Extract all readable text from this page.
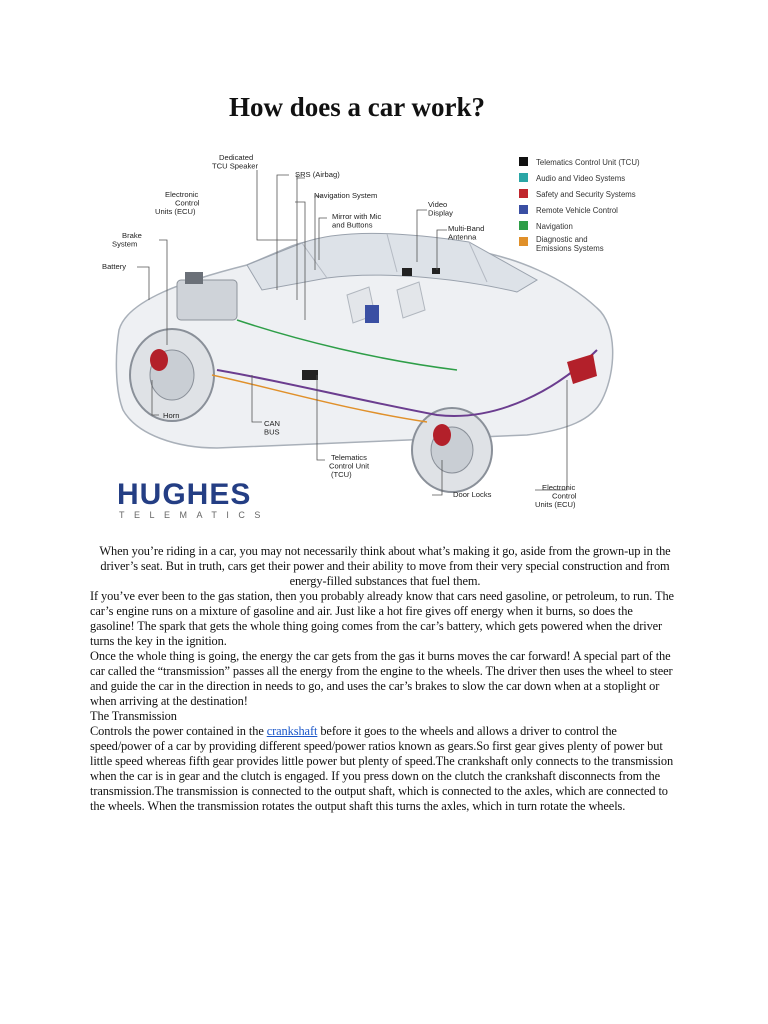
How does a car work?
Dedicated TCU Speaker
SRS (Airbag)
Navigation System
Mirror with Mic and Buttons
Video Display
Multi-Band Antenna
Electronic Control Units (ECU)
Brake System
Battery
Horn
CAN BUS
Telematics Control Unit (TCU)
Door Locks
Electronic Control Units (ECU)
Telematics Control Unit (TCU)
Audio and Video Systems
Safety and Security Systems
Remote Vehicle Control
Navigation
Diagnostic and Emissions Systems
HUGHES
TELEMATICS

When you’re riding in a car, you may not necessarily think about what’s making it go, aside from the grown-up in the driver’s seat. But in truth, cars get their power and their ability to move from their very special construction and from energy-filled substances that fuel them.

If you’ve ever been to the gas station, then you probably already know that cars need gasoline, or petroleum, to run. The car’s engine runs on a mixture of gasoline and air. Just like a hot fire gives off energy when it burns, so does the gasoline! The spark that gets the whole thing going comes from the car’s battery, which gets powered when the driver turns the key in the ignition.

Once the whole thing is going, the energy the car gets from the gas it burns moves the car forward! A special part of the car called the “transmission” passes all the energy from the engine to the wheels. The driver then uses the wheel to steer and guide the car in the direction in needs to go, and uses the car’s brakes to slow the car down when at a stoplight or when arriving at the destination!

The Transmission

Controls the power contained in the crankshaft before it goes to the wheels and allows a driver to control the speed/power of a car by providing different speed/power ratios known as gears.So first gear gives plenty of power but little speed whereas fifth gear provides little power but plenty of speed.The crankshaft only connects to the transmission when the car is in gear and the clutch is engaged. If you press down on the clutch the crankshaft disconnects from the transmission.The transmission is connected to the output shaft, which is connected to the axles, which are connected to the wheels. When the transmission rotates the output shaft this turns the axles, which in turn rotate the wheels.
